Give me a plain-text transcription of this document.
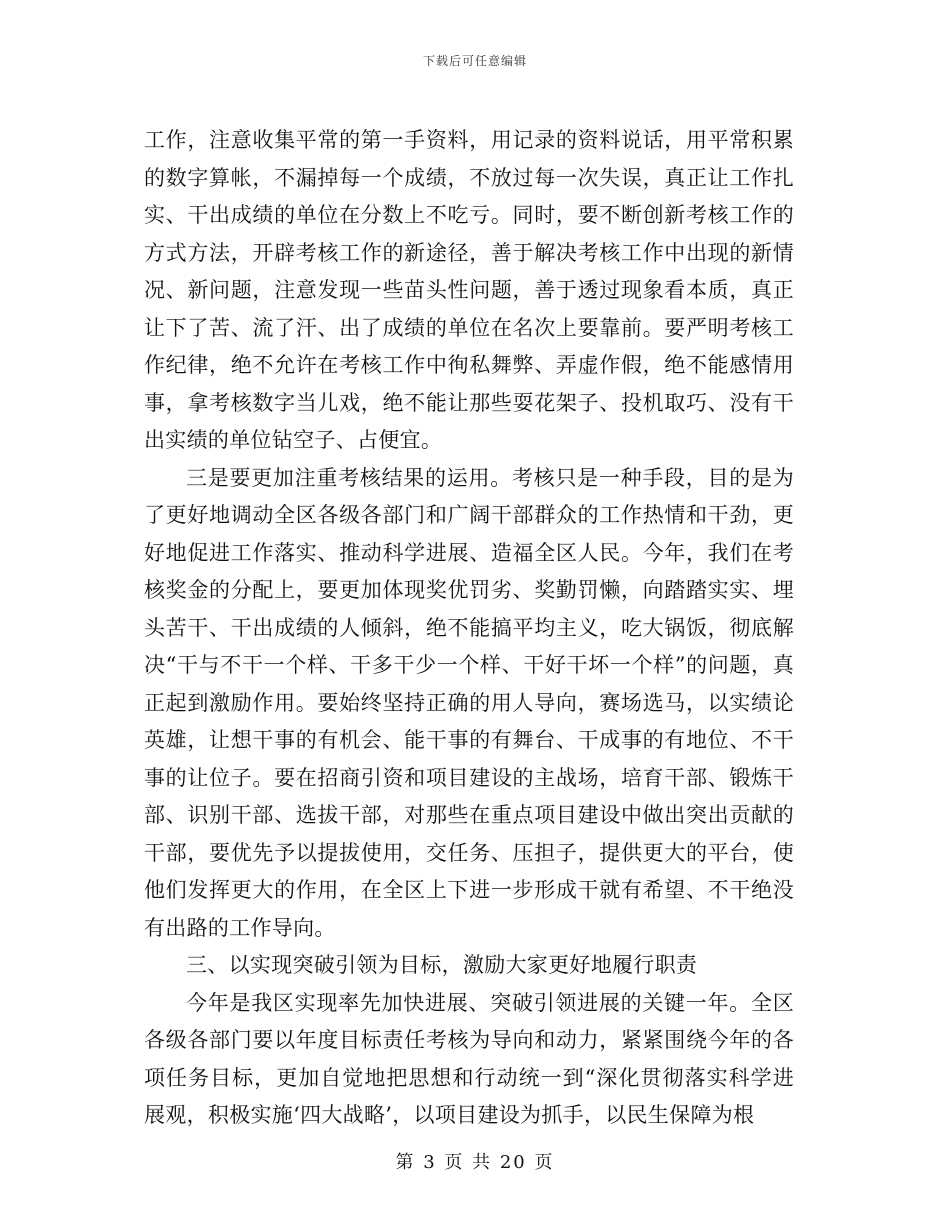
下载后可任意编辑

工作，注意收集平常的第一手资料，用记录的资料说话，用平常积累的数字算帐，不漏掉每一个成绩，不放过每一次失误，真正让工作扎实、干出成绩的单位在分数上不吃亏。同时，要不断创新考核工作的方式方法，开辟考核工作的新途径，善于解决考核工作中出现的新情况、新问题，注意发现一些苗头性问题，善于透过现象看本质，真正让下了苦、流了汗、出了成绩的单位在名次上要靠前。要严明考核工作纪律，绝不允许在考核工作中徇私舞弊、弄虚作假，绝不能感情用事，拿考核数字当儿戏，绝不能让那些耍花架子、投机取巧、没有干出实绩的单位钻空子、占便宜。

三是要更加注重考核结果的运用。考核只是一种手段，目的是为了更好地调动全区各级各部门和广阔干部群众的工作热情和干劲，更好地促进工作落实、推动科学进展、造福全区人民。今年，我们在考核奖金的分配上，要更加体现奖优罚劣、奖勤罚懒，向踏踏实实、埋头苦干、干出成绩的人倾斜，绝不能搞平均主义，吃大锅饭，彻底解决“干与不干一个样、干多干少一个样、干好干坏一个样”的问题，真正起到激励作用。要始终坚持正确的用人导向，赛场选马，以实绩论英雄，让想干事的有机会、能干事的有舞台、干成事的有地位、不干事的让位子。要在招商引资和项目建设的主战场，培育干部、锻炼干部、识别干部、选拔干部，对那些在重点项目建设中做出突出贡献的干部，要优先予以提拔使用，交任务、压担子，提供更大的平台，使他们发挥更大的作用，在全区上下进一步形成干就有希望、不干绝没有出路的工作导向。

三、以实现突破引领为目标，激励大家更好地履行职责

今年是我区实现率先加快进展、突破引领进展的关键一年。全区各级各部门要以年度目标责任考核为导向和动力，紧紧围绕今年的各项任务目标，更加自觉地把思想和行动统一到“深化贯彻落实科学进展观，积极实施‘四大战略’，以项目建设为抓手，以民生保障为根

第 3 页 共 20 页
